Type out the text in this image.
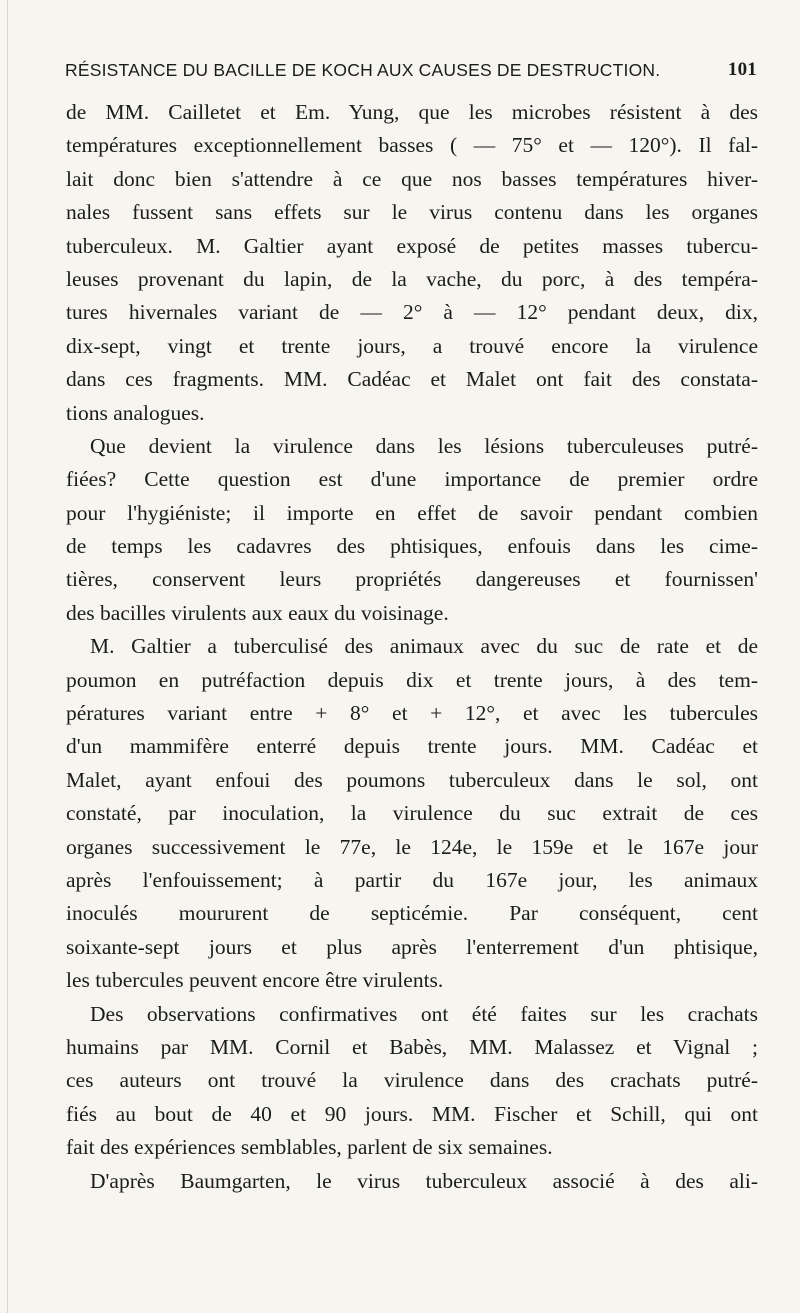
RÉSISTANCE DU BACILLE DE KOCH AUX CAUSES DE DESTRUCTION.	101
de MM. Cailletet et Em. Yung, que les microbes résistent à des
températures exceptionnellement basses ( — 75° et — 120°). Il fal-
lait donc bien s'attendre à ce que nos basses températures hiver-
nales fussent sans effets sur le virus contenu dans les organes
tuberculeux. M. Galtier ayant exposé de petites masses tubercu-
leuses provenant du lapin, de la vache, du porc, à des tempéra-
tures hivernales variant de — 2° à — 12° pendant deux, dix,
dix-sept, vingt et trente jours, a trouvé encore la virulence
dans ces fragments. MM. Cadéac et Malet ont fait des constata-
tions analogues.
Que devient la virulence dans les lésions tuberculeuses putré-
fiées? Cette question est d'une importance de premier ordre
pour l'hygiéniste; il importe en effet de savoir pendant combien
de temps les cadavres des phtisiques, enfouis dans les cime-
tières, conservent leurs propriétés dangereuses et fournissen'
des bacilles virulents aux eaux du voisinage.
M. Galtier a tuberculisé des animaux avec du suc de rate et de
poumon en putréfaction depuis dix et trente jours, à des tem-
pératures variant entre + 8° et + 12°, et avec les tubercules
d'un mammifère enterré depuis trente jours. MM. Cadéac et
Malet, ayant enfoui des poumons tuberculeux dans le sol, ont
constaté, par inoculation, la virulence du suc extrait de ces
organes successivement le 77e, le 124e, le 159e et le 167e jour
après l'enfouissement; à partir du 167e jour, les animaux
inoculés moururent de septicémie. Par conséquent, cent
soixante-sept jours et plus après l'enterrement d'un phtisique,
les tubercules peuvent encore être virulents.
Des observations confirmatives ont été faites sur les crachats
humains par MM. Cornil et Babès, MM. Malassez et Vignal ;
ces auteurs ont trouvé la virulence dans des crachats putré-
fiés au bout de 40 et 90 jours. MM. Fischer et Schill, qui ont
fait des expériences semblables, parlent de six semaines.
D'après Baumgarten, le virus tuberculeux associé à des ali-
